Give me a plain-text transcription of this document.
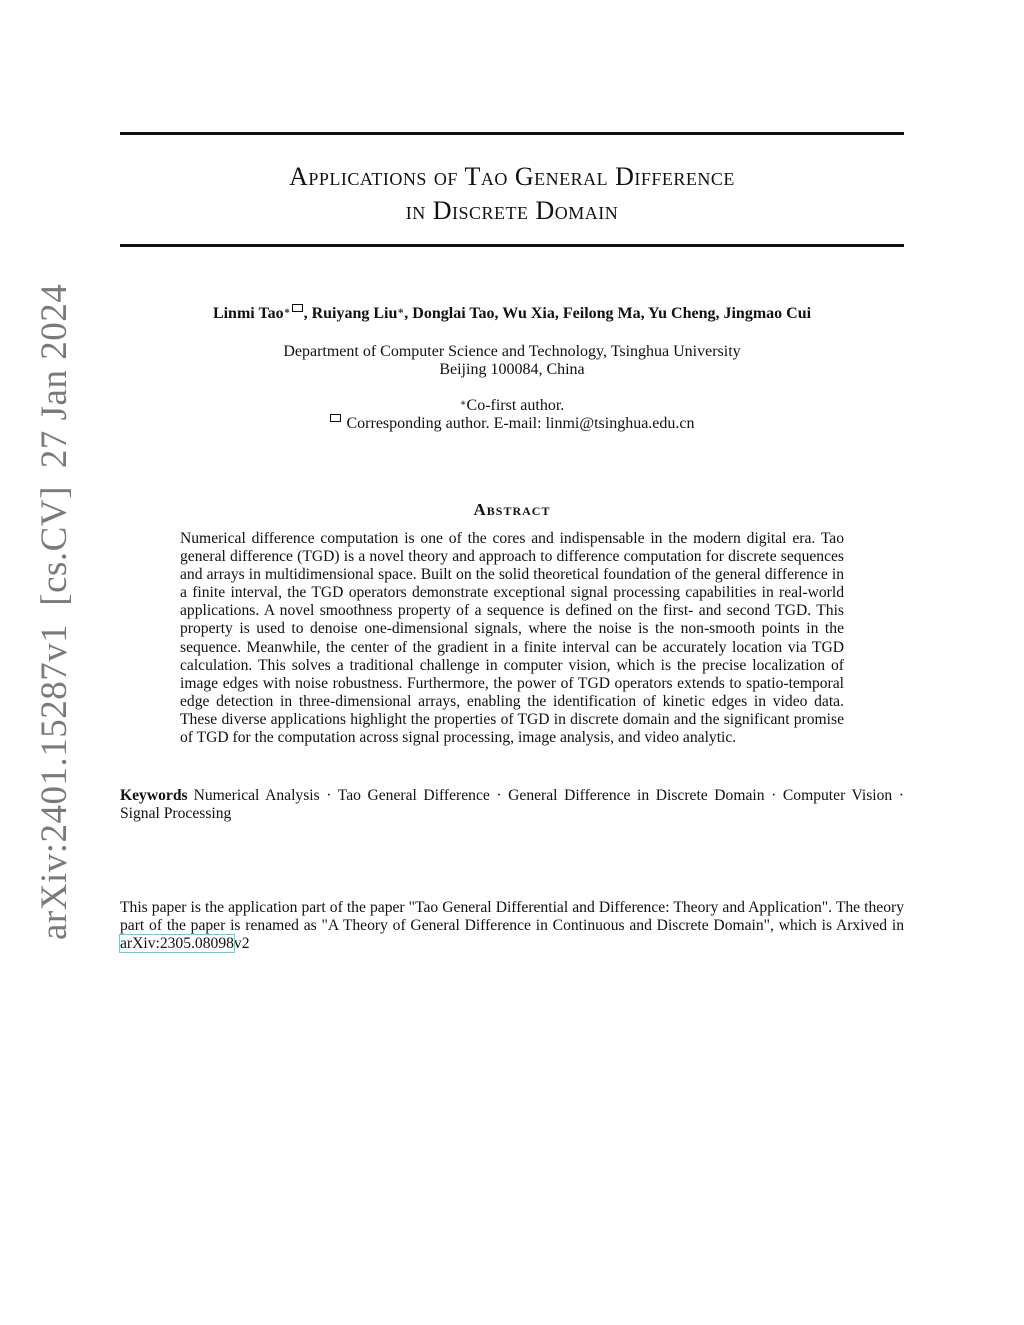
arXiv:2401.15287v1[cs.CV]27 Jan 2024
Applications of Tao General Difference
in Discrete Domain
Linmi Tao∗ , Ruiyang Liu∗, Donglai Tao, Wu Xia, Feilong Ma, Yu Cheng, Jingmao Cui
Department of Computer Science and Technology, Tsinghua University
Beijing 100084, China
∗Co-first author.
Corresponding author. E-mail: linmi@tsinghua.edu.cn
Abstract
Numerical difference computation is one of the cores and indispensable in the modern digital era. Tao general difference (TGD) is a novel theory and approach to difference computation for discrete sequences and arrays in multidimensional space. Built on the solid theoretical foundation of the general difference in a finite interval, the TGD operators demonstrate exceptional signal processing capabilities in real-world applications. A novel smoothness property of a sequence is defined on the first- and second TGD. This property is used to denoise one-dimensional signals, where the noise is the non-smooth points in the sequence. Meanwhile, the center of the gradient in a finite interval can be accurately location via TGD calculation. This solves a traditional challenge in computer vision, which is the precise localization of image edges with noise robustness. Furthermore, the power of TGD operators extends to spatio-temporal edge detection in three-dimensional arrays, enabling the identification of kinetic edges in video data. These diverse applications highlight the properties of TGD in discrete domain and the significant promise of TGD for the computation across signal processing, image analysis, and video analytic.
Keywords Numerical Analysis · Tao General Difference · General Difference in Discrete Domain · Computer Vision · Signal Processing
This paper is the application part of the paper "Tao General Differential and Difference: Theory and Application". The theory part of the paper is renamed as "A Theory of General Difference in Continuous and Discrete Domain", which is Arxived in arXiv:2305.08098v2
